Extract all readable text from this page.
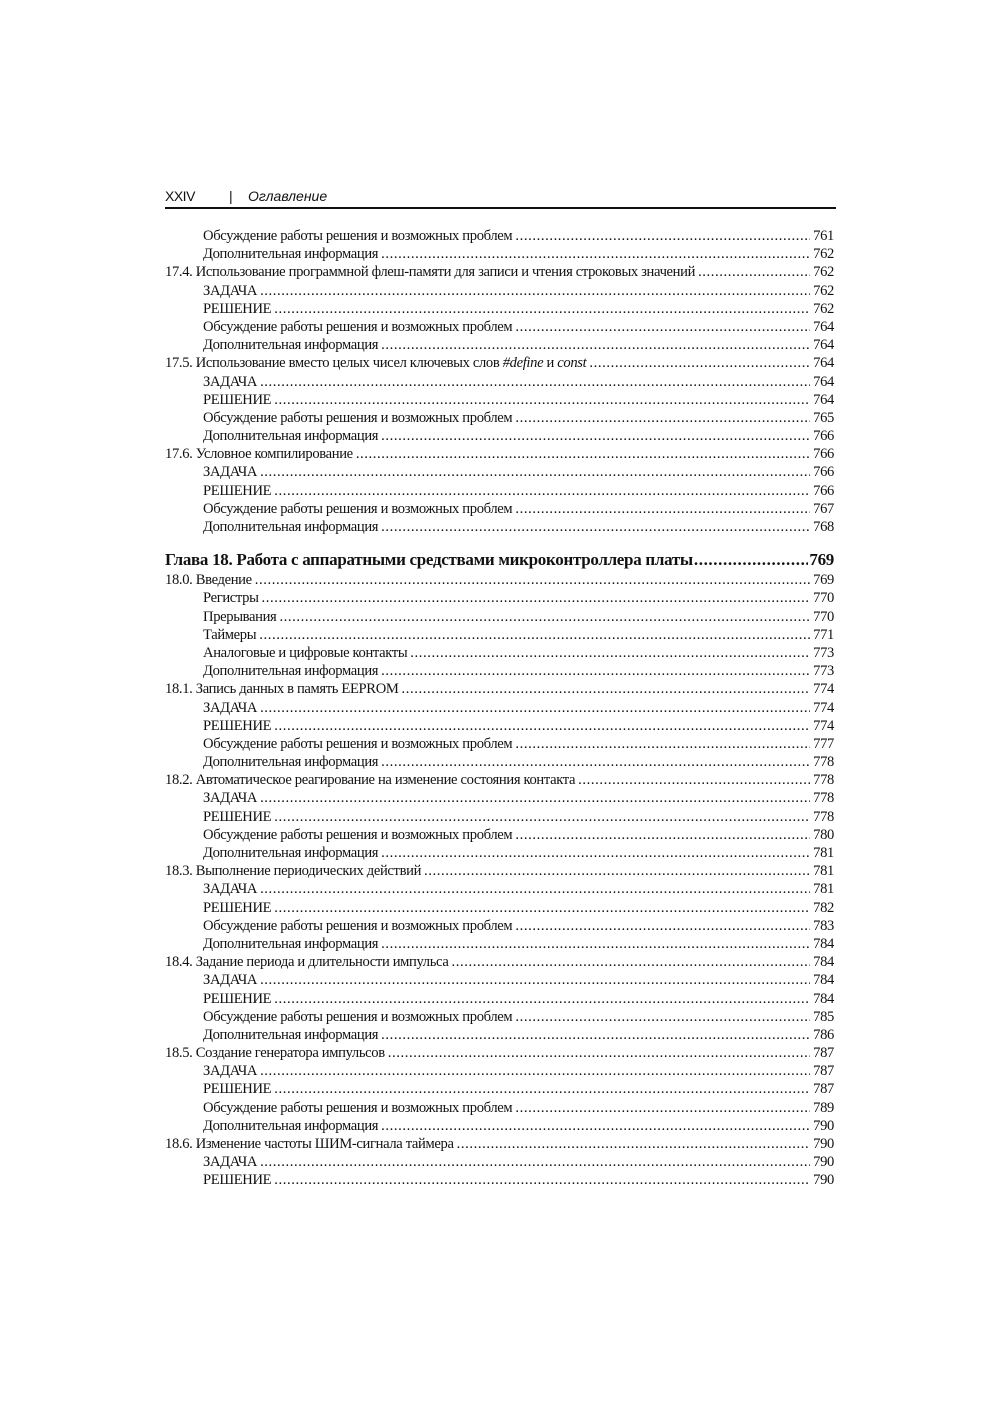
XXIV | Оглавление
Обсуждение работы решения и возможных проблем .....	761
Дополнительная информация .....	762
17.4. Использование программной флеш-памяти для записи и чтения строковых значений .....	762
ЗАДАЧА .....	762
РЕШЕНИЕ .....	762
Обсуждение работы решения и возможных проблем .....	764
Дополнительная информация .....	764
17.5. Использование вместо целых чисел ключевых слов #define и const .....	764
ЗАДАЧА .....	764
РЕШЕНИЕ .....	764
Обсуждение работы решения и возможных проблем .....	765
Дополнительная информация .....	766
17.6. Условное компилирование .....	766
ЗАДАЧА .....	766
РЕШЕНИЕ .....	766
Обсуждение работы решения и возможных проблем .....	767
Дополнительная информация .....	768
Глава 18. Работа с аппаратными средствами микроконтроллера платы .....	769
18.0. Введение .....	769
Регистры .....	770
Прерывания .....	770
Таймеры .....	771
Аналоговые и цифровые контакты .....	773
Дополнительная информация .....	773
18.1. Запись данных в память EEPROM .....	774
ЗАДАЧА .....	774
РЕШЕНИЕ .....	774
Обсуждение работы решения и возможных проблем .....	777
Дополнительная информация .....	778
18.2. Автоматическое реагирование на изменение состояния контакта .....	778
ЗАДАЧА .....	778
РЕШЕНИЕ .....	778
Обсуждение работы решения и возможных проблем .....	780
Дополнительная информация .....	781
18.3. Выполнение периодических действий .....	781
ЗАДАЧА .....	781
РЕШЕНИЕ .....	782
Обсуждение работы решения и возможных проблем .....	783
Дополнительная информация .....	784
18.4. Задание периода и длительности импульса .....	784
ЗАДАЧА .....	784
РЕШЕНИЕ .....	784
Обсуждение работы решения и возможных проблем .....	785
Дополнительная информация .....	786
18.5. Создание генератора импульсов .....	787
ЗАДАЧА .....	787
РЕШЕНИЕ .....	787
Обсуждение работы решения и возможных проблем .....	789
Дополнительная информация .....	790
18.6. Изменение частоты ШИМ-сигнала таймера .....	790
ЗАДАЧА .....	790
РЕШЕНИЕ .....	790
